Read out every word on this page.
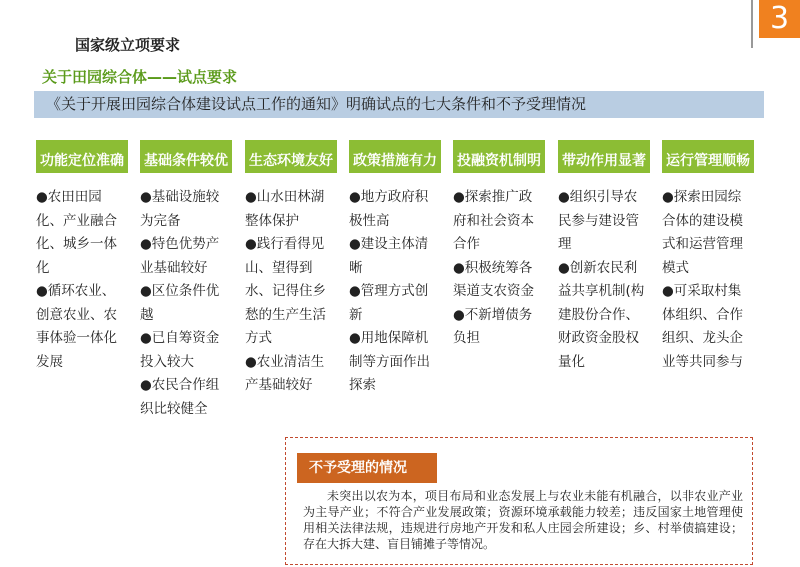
3
国家级立项要求
关于田园综合体——试点要求
《关于开展田园综合体建设试点工作的通知》明确试点的七大条件和不予受理情况
功能定位准确

●农田田园化、产业融合化、城乡一体化

●循环农业、创意农业、农事体验一体化发展

基础条件较优

●基础设施较为完备

●特色优势产业基础较好

●区位条件优越

●已自筹资金投入较大

●农民合作组织比较健全

生态环境友好

●山水田林湖整体保护

●践行看得见山、望得到水、记得住乡愁的生产生活方式

●农业清洁生产基础较好

政策措施有力

●地方政府积极性高

●建设主体清晰

●管理方式创新

●用地保障机制等方面作出探索

投融资机制明

●探索推广政府和社会资本合作

●积极统筹各渠道支农资金

●不新增债务负担

带动作用显著

●组织引导农民参与建设管理

●创新农民利益共享机制(构建股份合作、财政资金股权量化

运行管理顺畅

●探索田园综合体的建设模式和运营管理模式

●可采取村集体组织、合作组织、龙头企业等共同参与

不予受理的情况
未突出以农为本，项目布局和业态发展上与农业未能有机融合，以非农业产业为主导产业；不符合产业发展政策；资源环境承载能力较差；违反国家土地管理使用相关法律法规，违规进行房地产开发和私人庄园会所建设；乡、村举债搞建设；存在大拆大建、盲目铺摊子等情况。
